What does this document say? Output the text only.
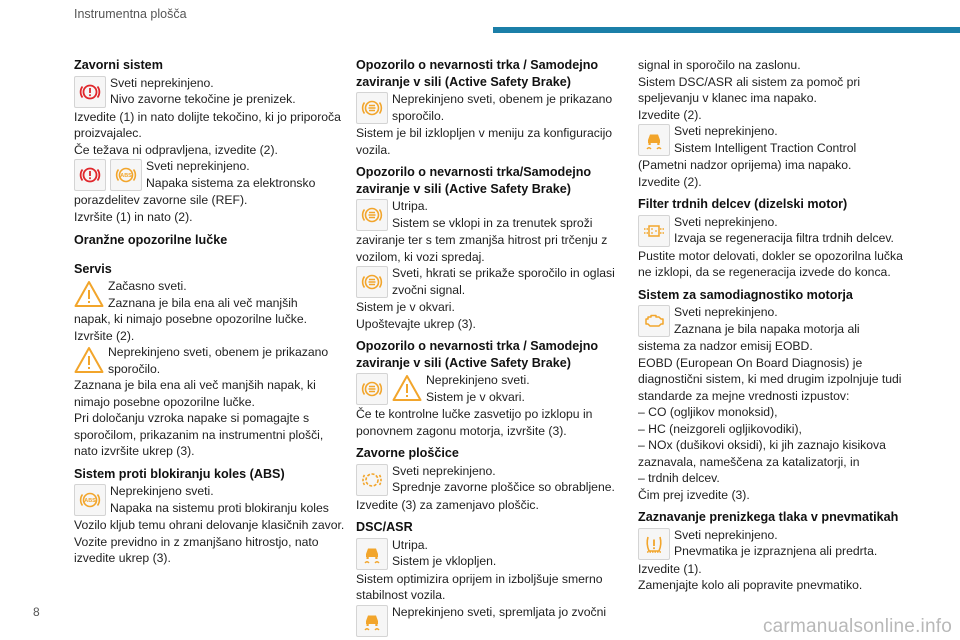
Instrumentna plošča
Zavorni sistem
Sveti neprekinjeno.
Nivo zavorne tekočine je prenizek.
Izvedite (1) in nato dolijte tekočino, ki jo priporoča proizvajalec.
Če težava ni odpravljena, izvedite (2).
ABS
Sveti neprekinjeno.
Napaka sistema za elektronsko
porazdelitev zavorne sile (REF).
Izvršite (1) in nato (2).
Oranžne opozorilne lučke
Servis
Začasno sveti.
Zaznana je bila ena ali več manjših
napak, ki nimajo posebne opozorilne lučke.
Izvršite (2).
Neprekinjeno sveti, obenem je prikazano sporočilo.
Zaznana je bila ena ali več manjših napak, ki nimajo posebne opozorilne lučke.
Pri določanju vzroka napake si pomagajte s sporočilom, prikazanim na instrumentni plošči, nato izvršite ukrep (3).
Sistem proti blokiranju koles (ABS)
ABS
Neprekinjeno sveti.
Napaka na sistemu proti blokiranju koles
Vozilo kljub temu ohrani delovanje klasičnih zavor.
Vozite previdno in z zmanjšano hitrostjo, nato izvedite ukrep (3).
Opozorilo o nevarnosti trka / Samodejno zaviranje v sili (Active Safety Brake)
Neprekinjeno sveti, obenem je prikazano sporočilo.
Sistem je bil izklopljen v meniju za konfiguracijo vozila.
Opozorilo o nevarnosti trka/Samodejno zaviranje v sili (Active Safety Brake)
Utripa.
Sistem se vklopi in za trenutek sproži
zaviranje ter s tem zmanjša hitrost pri trčenju z vozilom, ki vozi spredaj.
Sveti, hkrati se prikaže sporočilo in oglasi zvočni signal.
Sistem je v okvari.
Upoštevajte ukrep (3).
Opozorilo o nevarnosti trka / Samodejno zaviranje v sili (Active Safety Brake)
Neprekinjeno sveti.
Sistem je v okvari.
Če te kontrolne lučke zasvetijo po izklopu in ponovnem zagonu motorja, izvršite (3).
Zavorne ploščice
Sveti neprekinjeno.
Sprednje zavorne ploščice so obrabljene.
Izvedite (3) za zamenjavo ploščic.
DSC/ASR
Utripa.
Sistem je vklopljen.
Sistem optimizira oprijem in izboljšuje smerno stabilnost vozila.
Neprekinjeno sveti, spremljata jo zvočni
signal in sporočilo na zaslonu.
Sistem DSC/ASR ali sistem za pomoč pri speljevanju v klanec ima napako.
Izvedite (2).
Sveti neprekinjeno.
Sistem Intelligent Traction Control
(Pametni nadzor oprijema) ima napako.
Izvedite (2).
Filter trdnih delcev (dizelski motor)
Sveti neprekinjeno.
Izvaja se regeneracija filtra trdnih delcev.
Pustite motor delovati, dokler se opozorilna lučka ne izklopi, da se regeneracija izvede do konca.
Sistem za samodiagnostiko motorja
Sveti neprekinjeno.
Zaznana je bila napaka motorja ali
sistema za nadzor emisij EOBD.
EOBD (European On Board Diagnosis) je diagnostični sistem, ki med drugim izpolnjuje tudi standarde za mejne vrednosti izpustov:
– CO (ogljikov monoksid),
– HC (neizgoreli ogljikovodiki),
– NOx (dušikovi oksidi), ki jih zaznajo kisikova zaznavala, nameščena za katalizatorji, in
– trdnih delcev.
Čim prej izvedite (3).
Zaznavanje prenizkega tlaka v pnevmatikah
Sveti neprekinjeno.
Pnevmatika je izpraznjena ali predrta.
Izvedite (1).
Zamenjajte kolo ali popravite pnevmatiko.
8
carmanualsonline.info
